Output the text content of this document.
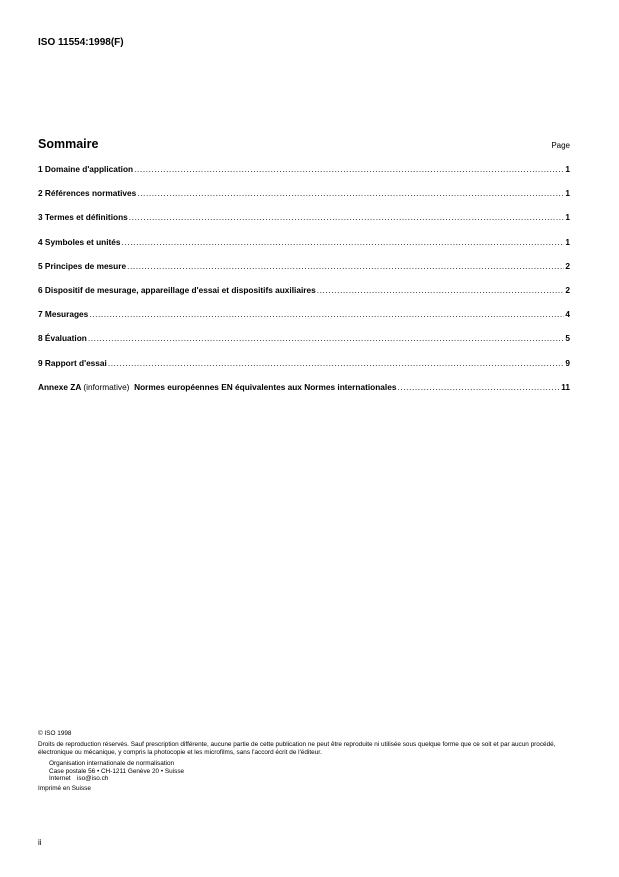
ISO 11554:1998(F)
Sommaire	Page
1 Domaine d'application .....	1
2 Références normatives .....	1
3 Termes et définitions .....	1
4 Symboles et unités .....	1
5 Principes de mesure .....	2
6 Dispositif de mesurage, appareillage d'essai et dispositifs auxiliaires .....	2
7 Mesurages .....	4
8 Évaluation .....	5
9 Rapport d'essai .....	9
Annexe ZA (informative) Normes européennes EN équivalentes aux Normes internationales .....	11
© ISO 1998

Droits de reproduction réservés. Sauf prescription différente, aucune partie de cette publication ne peut être reproduite ni utilisée sous quelque forme que ce soit et par aucun procédé, électronique ou mécanique, y compris la photocopie et les microfilms, sans l'accord écrit de l'éditeur.

Organisation internationale de normalisation
Case postale 56 • CH-1211 Genève 20 • Suisse
Internet iso@iso.ch
Imprimé en Suisse
ii
